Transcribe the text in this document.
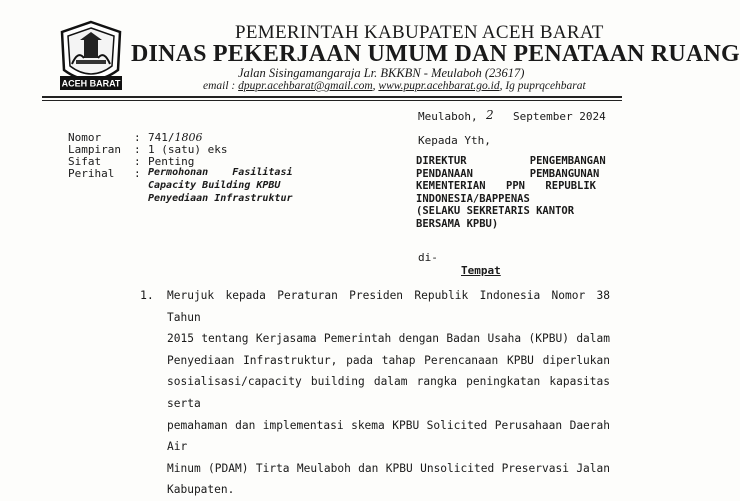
ACEH BARAT
PEMERINTAH KABUPATEN ACEH BARAT
DINAS PEKERJAAN UMUM DAN PENATAAN RUANG
Jalan Sisingamangaraja Lr. BKKBN - Meulaboh (23617)
email : dpupr.acehbarat@gmail.com, www.pupr.acehbarat.go.id, Ig puprqcehbarat
Meulaboh, 2 September 2024
Nomor	: 741/1806
Lampiran : 1 (satu) eks
Sifat	: Penting
Perihal : Permohonan    Fasilitasi
Capacity Building KPBU
Penyediaan Infrastruktur
Kepada Yth,
DIREKTUR          PENGEMBANGAN
PENDANAAN         PEMBANGUNAN
KEMENTERIAN PPN REPUBLIK
INDONESIA/BAPPENAS
(SELAKU SEKRETARIS KANTOR
BERSAMA KPBU)
di-
Tempat
1. Merujuk kepada Peraturan Presiden Republik Indonesia Nomor 38 Tahun
2015 tentang Kerjasama Pemerintah dengan Badan Usaha (KPBU) dalam
Penyediaan Infrastruktur, pada tahap Perencanaan KPBU diperlukan
sosialisasi/capacity building dalam rangka peningkatan kapasitas serta
pemahaman dan implementasi skema KPBU Solicited Perusahaan Daerah Air
Minum (PDAM) Tirta Meulaboh dan KPBU Unsolicited Preservasi Jalan
Kabupaten.
